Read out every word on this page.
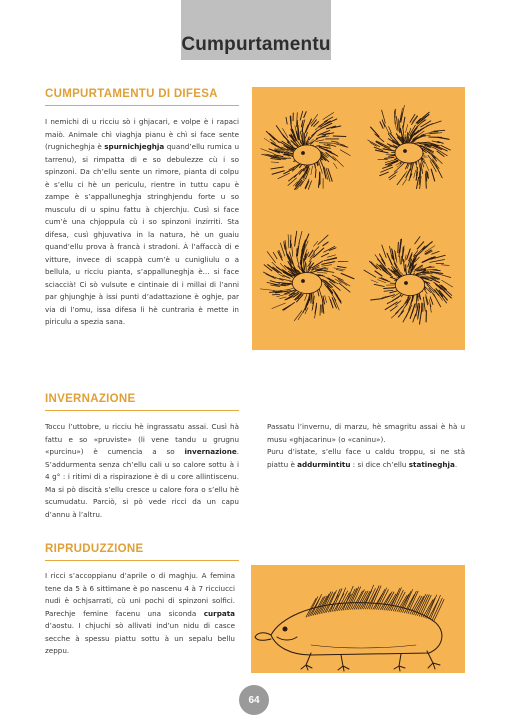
Cumpurtamentu
CUMPURTAMENTU DI DIFESA

I nemichi di u ricciu sò i ghjacari, e volpe è i rapaci maiò. Animale chì viaghja pianu è chì si face sente (rugnicheghja è spurnichjeghja quand’ellu rumica u tarrenu), si rimpatta di e so debulezze cù i so spinzoni. Da ch’ellu sente un rimore, pianta di colpu è s’ellu ci hè un periculu, rientre in tuttu capu è zampe è s’appalluneghja stringhjendu forte u so musculu di u spinu fattu à chjerchju. Cusì si face cum’è una chjoppula cù i so spinzoni inzirriti. Sta difesa, cusì ghjuvativa in la natura, hè un guaiu quand’ellu prova à francà i stradoni. À l’affaccà di e vitture, invece di scappà cum’è u cunigliulu o a bellula, u ricciu pianta, s’appalluneghja è... si face sciaccià! Ci sò vulsute e cintinaie di i millai di l’anni par ghjunghje à issi punti d’adattazione è oghje, par via di l’omu, issa difesa li hè cuntraria è mette in piriculu a spezia sana.

INVERNAZIONE

Toccu l’uttobre, u ricciu hè ingrassatu assai. Cusì hà fattu e so «pruviste» (li vene tandu u grugnu «purcinu») è cumencia a so invernazione. S’addurmenta senza ch’ellu cali u so calore sottu à i 4 g° : i ritimi di a rispirazione è di u core allintiscenu. Ma si pò discità s’ellu cresce u calore fora o s’ellu hè scumudatu. Parciò, si pò vede ricci da un capu d’annu à l’altru.

Passatu l’invernu, di marzu, hè smagritu assai è hà u musu «ghjacarinu» (o «caninu»).
Puru d’istate, s’ellu face u caldu troppu, si ne stà piattu è addurmintitu : si dice ch’ellu statineghja.

RIPRUDUZZIONE

I ricci s’accoppianu d’aprile o di maghju. A femina tene da 5 à 6 sittimane è po nascenu 4 à 7 ricciucci nudi è ochjsarrati, cù uni pochi di spinzoni solfici. Parechje femine facenu una siconda curpata d’aostu. I chjuchi sò allivati ind’un nidu di casce secche à spessu piattu sottu à un sepalu bellu zeppu.

64
